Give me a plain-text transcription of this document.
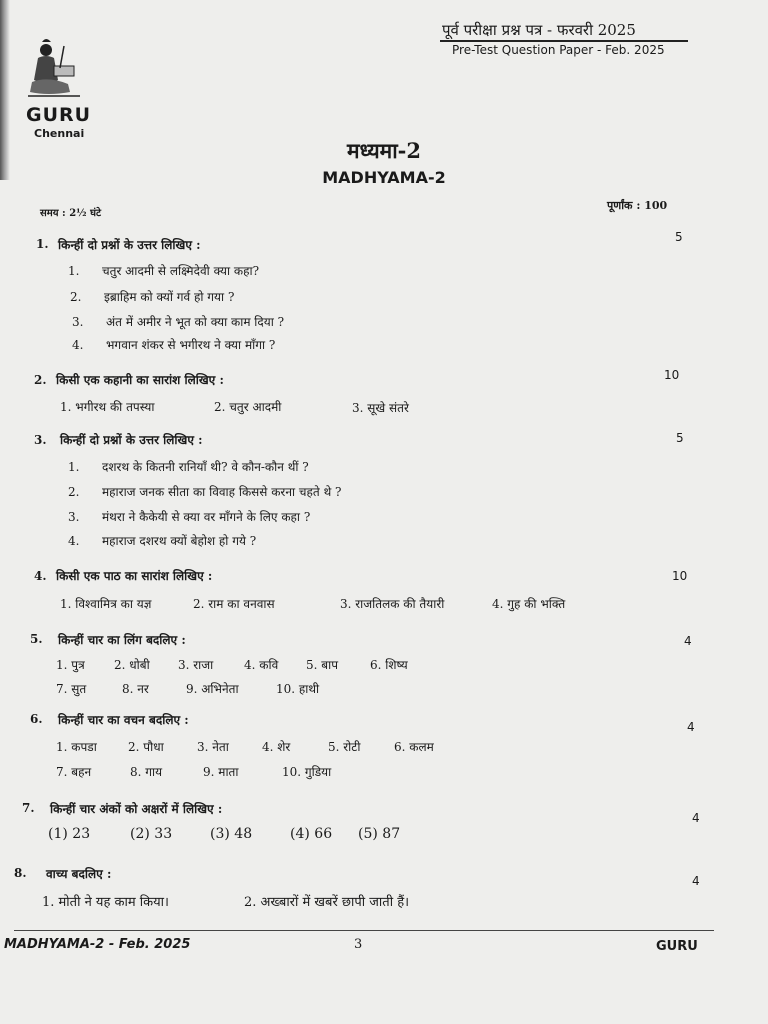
GURU
Chennai
पूर्व परीक्षा प्रश्न पत्र - फरवरी 2025
Pre-Test Question Paper - Feb. 2025
मध्यमा-2
MADHYAMA-2
समय : 2½ घंटे
पूर्णांक : 100
1. किन्हीं दो प्रश्नों के उत्तर लिखिए :
5
1. चतुर आदमी से लक्ष्मिदेवी क्या कहा?
2. इब्राहिम को क्यों गर्व हो गया ?
3. अंत में अमीर ने भूत को क्या काम दिया ?
4. भगवान शंकर से भगीरथ ने क्या माँगा ?
2. किसी एक कहानी का सारांश लिखिए :	10
1. भगीरथ की तपस्या	2. चतुर आदमी	3. सूखे संतरे
3. किन्हीं दो प्रश्नों के उत्तर लिखिए :	5
1. दशरथ के कितनी रानियाँ थी? वे कौन-कौन थीं ?
2. महाराज जनक सीता का विवाह किससे करना चहते थे ?
3. मंथरा ने कैकेयी से क्या वर माँगने के लिए कहा ?
4. महाराज दशरथ क्यों बेहोश हो गये ?
4. किसी एक पाठ का सारांश लिखिए :	10
1. विश्वामित्र का यज्ञ	2. राम का वनवास	3. राजतिलक की तैयारी	4. गुह की भक्ति
5. किन्हीं चार का लिंग बदलिए :	4
1. पुत्र 2. धोबी 3. राजा	4. कवि 5. बाप	6. शिष्य
7. सुत	8. नर	9. अभिनेता	10. हाथी
6. किन्हीं चार का वचन बदलिए :	4
1. कपडा	2. पौधा	3. नेता	4. शेर	5. रोटी	6. कलम
7. बहन	8. गाय	9. माता	10. गुडिया
7. किन्हीं चार अंकों को अक्षरों में लिखिए :
4
(1) 23	(2) 33	(3) 48	(4) 66 (5) 87
8. वाच्य बदलिए :	4
1. मोती ने यह काम किया।	2. अख्बारों में खबरें छापी जाती हैं।
MADHYAMA-2 - Feb. 2025	3	GURU
